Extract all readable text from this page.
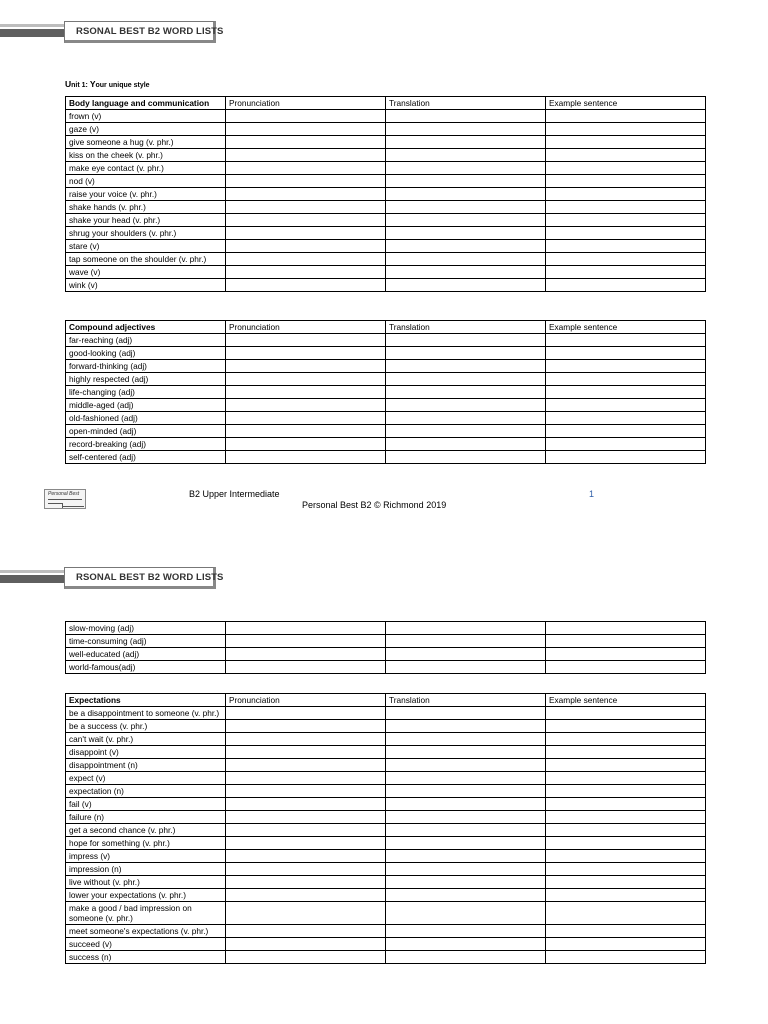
RSONAL BEST B2 WORD LISTS
Unit 1: Your unique style
Body language and communication	Pronunciation	Translation	Example sentence
frown (v)			
gaze (v)			
give someone a hug (v. phr.)			
kiss on the cheek (v. phr.)			
make eye contact (v. phr.)			
nod (v)			
raise your voice (v. phr.)			
shake hands (v. phr.)			
shake your head (v. phr.)			
shrug your shoulders (v. phr.)			
stare (v)			
tap someone on the shoulder (v. phr.)			
wave (v)			
wink (v)			
Compound adjectives	Pronunciation	Translation	Example sentence
far-reaching (adj)			
good-looking (adj)			
forward-thinking (adj)			
highly respected (adj)			
life-changing (adj)			
middle-aged (adj)			
old-fashioned (adj)			
open-minded (adj)			
record-breaking (adj)			
self-centered (adj)			
Personal Best	B2 Upper Intermediate
Personal Best B2 © Richmond 2019
1
RSONAL BEST B2 WORD LISTS
slow-moving (adj)			
time-consuming (adj)			
well-educated (adj)			
world-famous(adj)			
Expectations	Pronunciation	Translation	Example sentence
be a disappointment to someone (v. phr.)			
be a success (v. phr.)			
can't wait (v. phr.)			
disappoint (v)			
disappointment (n)			
expect (v)			
expectation (n)			
fail (v)			
failure (n)			
get a second chance (v. phr.)			
hope for something (v. phr.)			
impress (v)			
impression (n)			
live without (v. phr.)			
lower your expectations (v. phr.)			
make a good / bad impression on someone (v. phr.)			
meet someone's expectations (v. phr.)			
succeed (v)			
success (n)			
